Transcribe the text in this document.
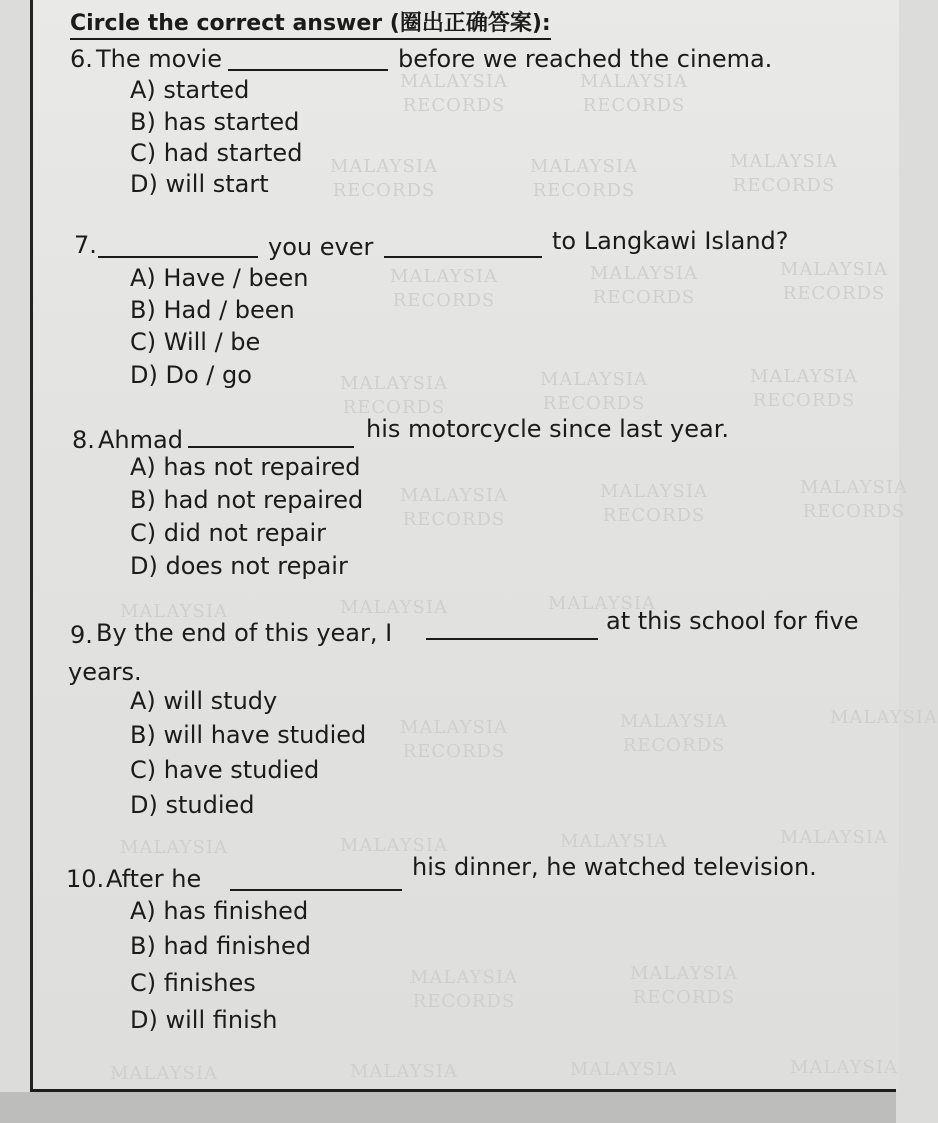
MALAYSIA
RECORDS
MALAYSIA
RECORDS
MALAYSIA
RECORDS
MALAYSIA
RECORDS
MALAYSIA
RECORDS
MALAYSIA
RECORDS
MALAYSIA
RECORDS
MALAYSIA
RECORDS
MALAYSIA
RECORDS
MALAYSIA
RECORDS
MALAYSIA
RECORDS
MALAYSIA
RECORDS
MALAYSIA
RECORDS
MALAYSIA
RECORDS
MALAYSIA	MALAYSIA	MALAYSIA
MALAYSIA
RECORDS
MALAYSIA
RECORDS
MALAYSIA
MALAYSIA	MALAYSIA	MALAYSIA	MALAYSIA
MALAYSIA
RECORDS
MALAYSIA
RECORDS
MALAYSIA	MALAYSIA	MALAYSIA	MALAYSIA
Circle the correct answer (圈出正确答案):
6. The movie	before we reached the cinema.
A) started
B) has started
C) had started
D) will start
7.	you ever	to Langkawi Island?
A) Have / been
B) Had / been
C) Will / be
D) Do / go
8. Ahmad	his motorcycle since last year.
A) has not repaired
B) had not repaired
C) did not repair
D) does not repair
9. By the end of this year, I	at this school for five
years.
A) will study
B) will have studied
C) have studied
D) studied
10. After he	his dinner, he watched television.
A) has finished
B) had finished
C) finishes
D) will finish
